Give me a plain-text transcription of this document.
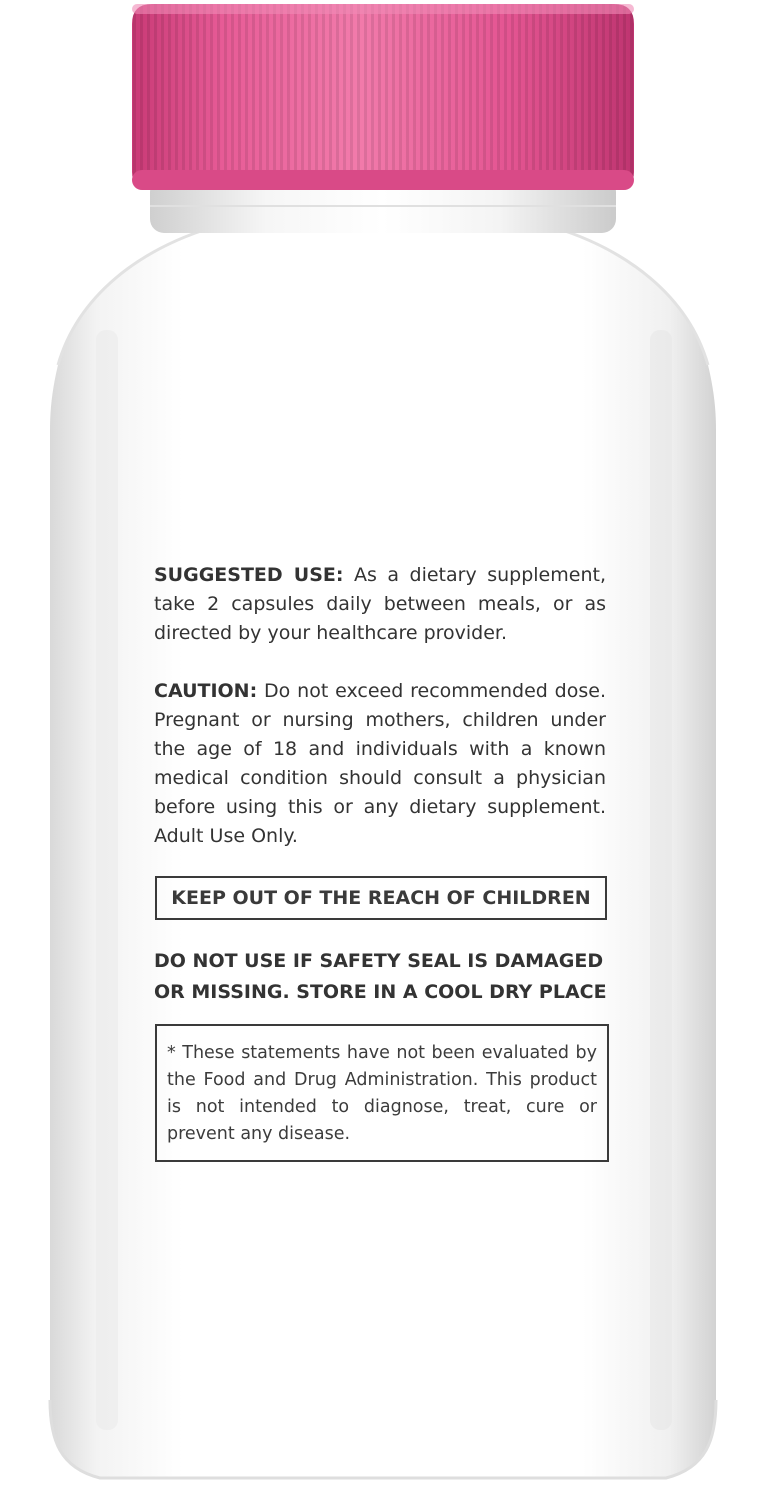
SUGGESTED USE: As a dietary supplement, take 2 capsules daily between meals, or as directed by your healthcare provider.

CAUTION: Do not exceed recommended dose. Pregnant or nursing mothers, children under the age of 18 and individuals with a known medical condition should consult a physician before using this or any dietary supplement. Adult Use Only.

KEEP OUT OF THE REACH OF CHILDREN
DO NOT USE IF SAFETY SEAL IS DAMAGED
OR MISSING. STORE IN A COOL DRY PLACE
* These statements have not been evaluated by the Food and Drug Administration. This product is not intended to diagnose, treat, cure or prevent any disease.
